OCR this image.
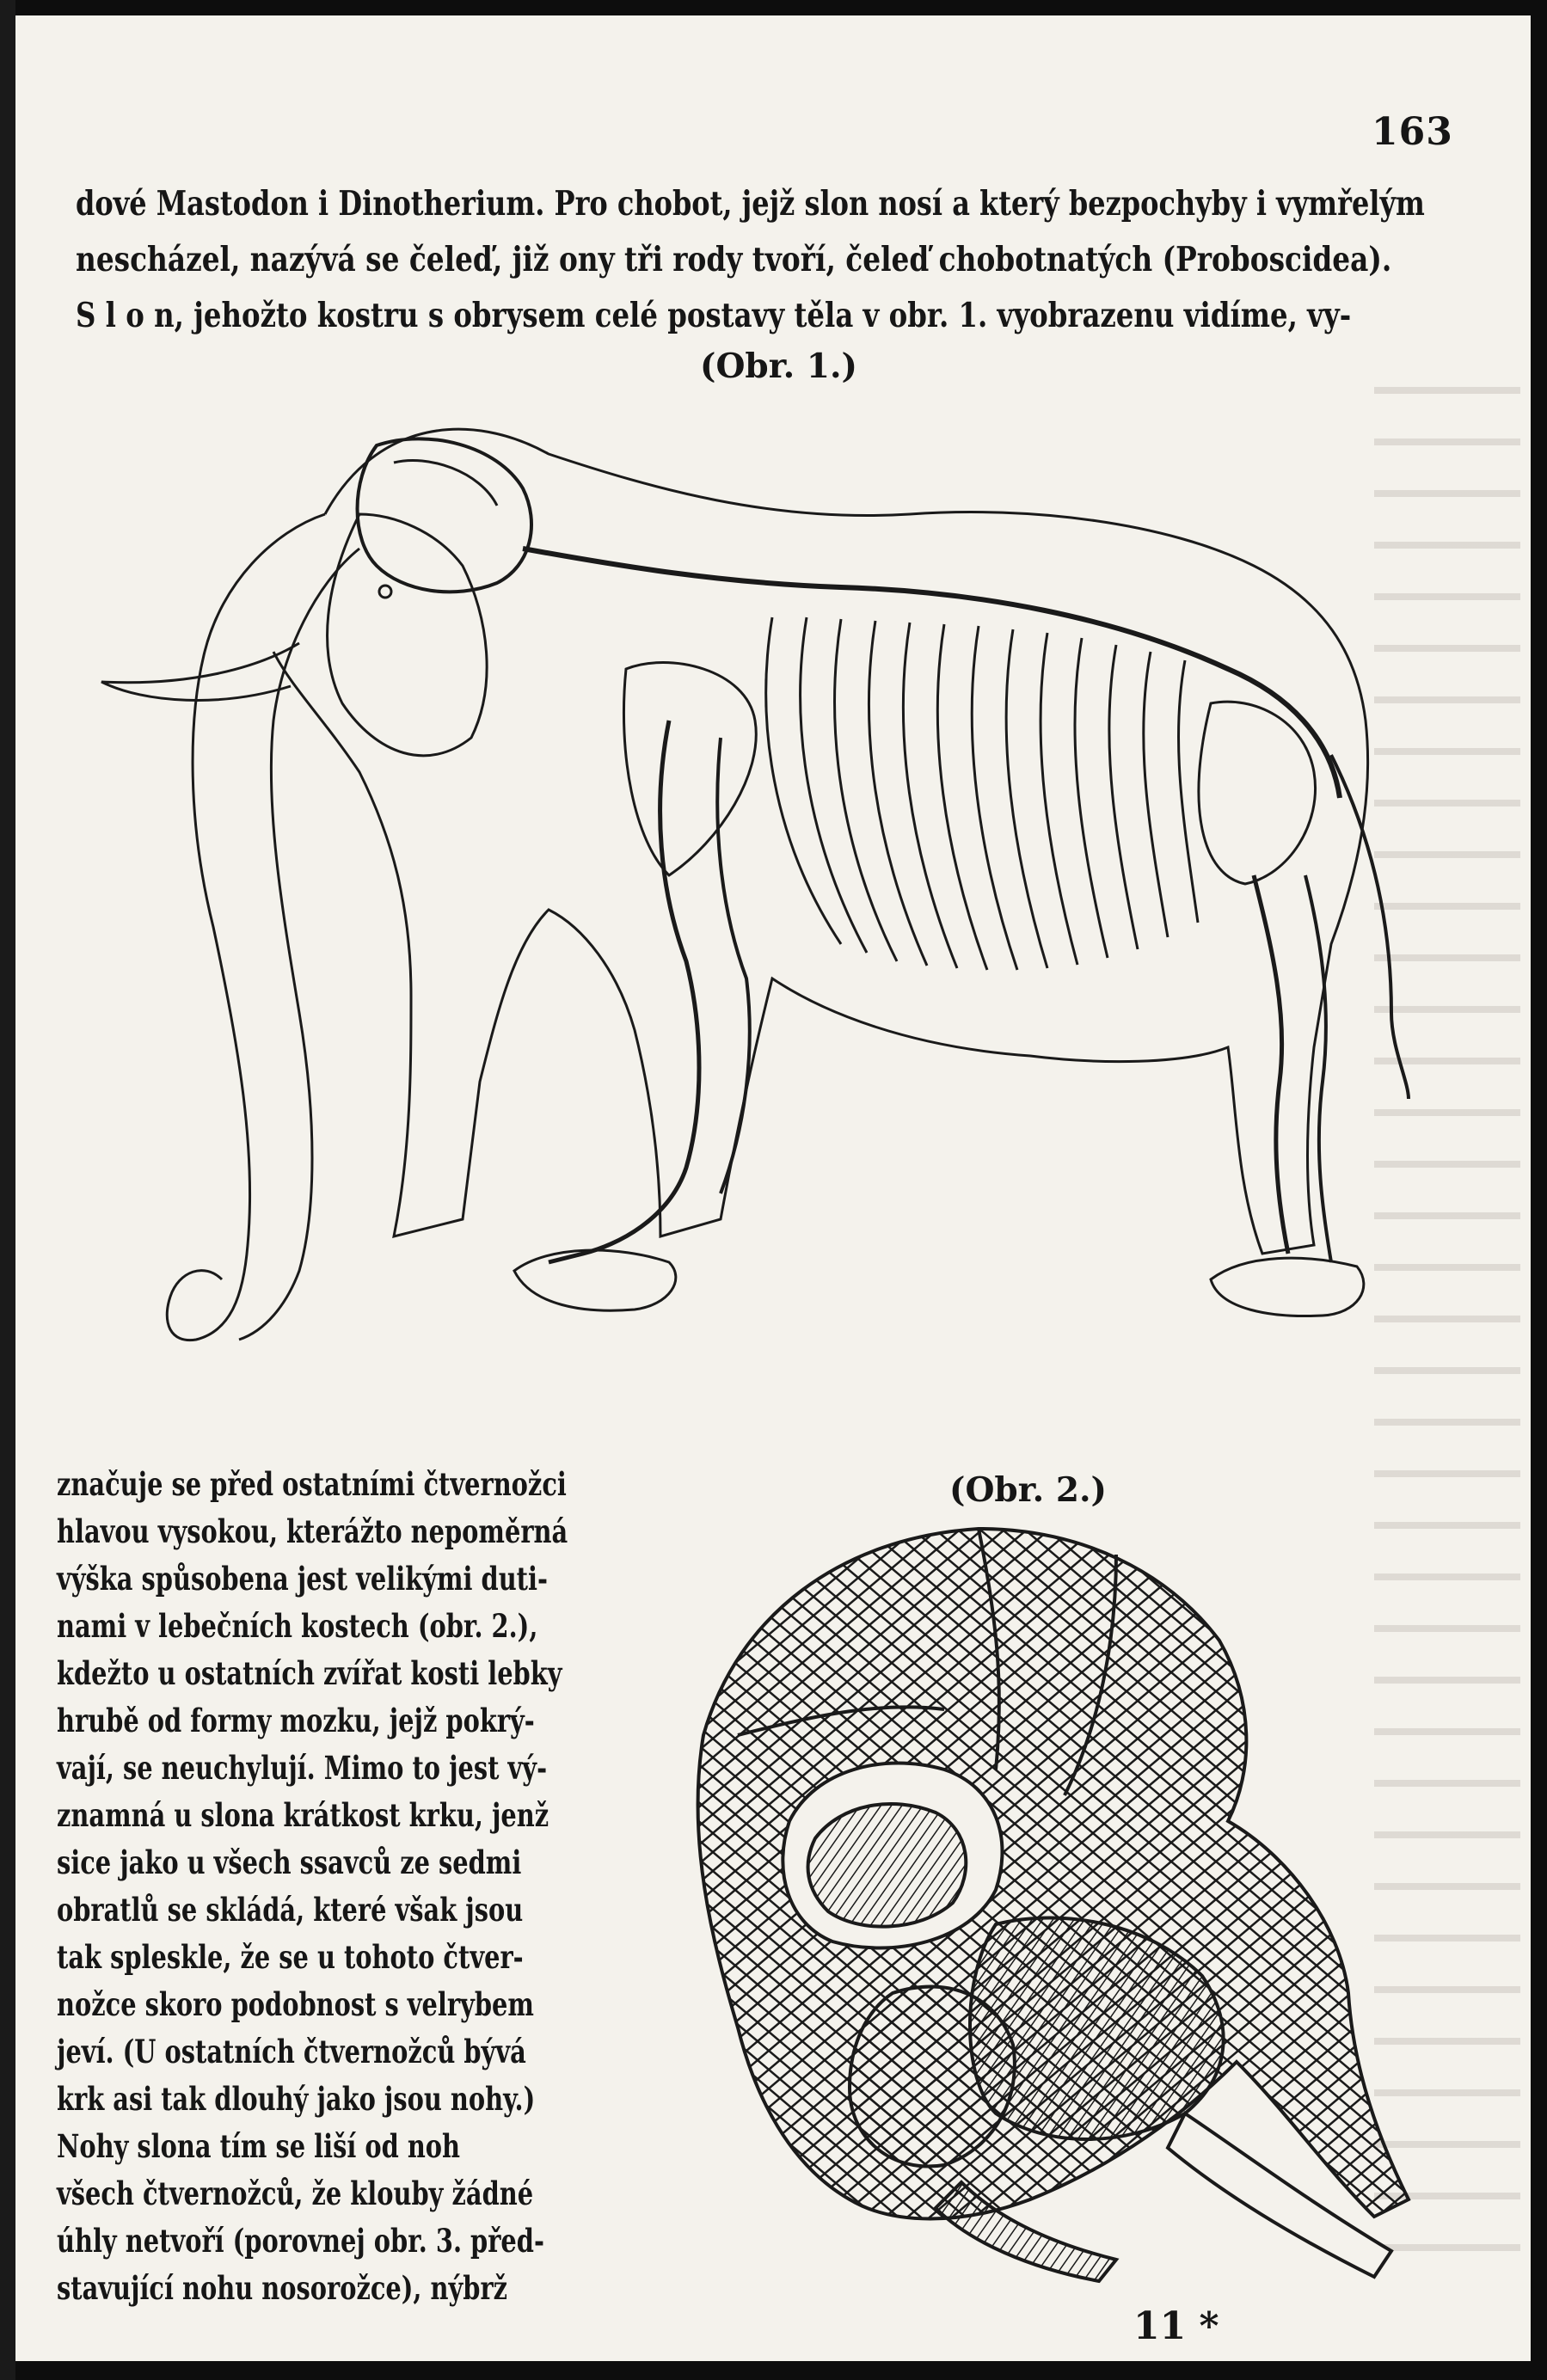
163
dové Mastodon i Dinotherium. Pro chobot, jejž slon nosí a který bezpochyby i vymřelým
nescházel, nazývá se čeleď, již ony tři rody tvoří, čeleď chobotnatých (Proboscidea).
S l o n, jehožto kostru s obrysem celé postavy těla v obr. 1. vyobrazenu vidíme, vy-
(Obr. 1.)
(Obr. 2.)
značuje se před ostatními čtvernožci
hlavou vysokou, kterážto nepoměrná
výška spůsobena jest velikými duti-
nami v lebečních kostech (obr. 2.),
kdežto u ostatních zvířat kosti lebky
hrubě od formy mozku, jejž pokrý-
vají, se neuchylují. Mimo to jest vý-
znamná u slona krátkost krku, jenž
sice jako u všech ssavců ze sedmi
obratlů se skládá, které však jsou
tak spleskle, že se u tohoto čtver-
nožce skoro podobnost s velrybem
jeví. (U ostatních čtvernožců bývá
krk asi tak dlouhý jako jsou nohy.)
Nohy slona tím se liší od noh
všech čtvernožců, že klouby žádné
úhly netvoří (porovnej obr. 3. před-
stavující nohu nosorožce), nýbrž
11 *
